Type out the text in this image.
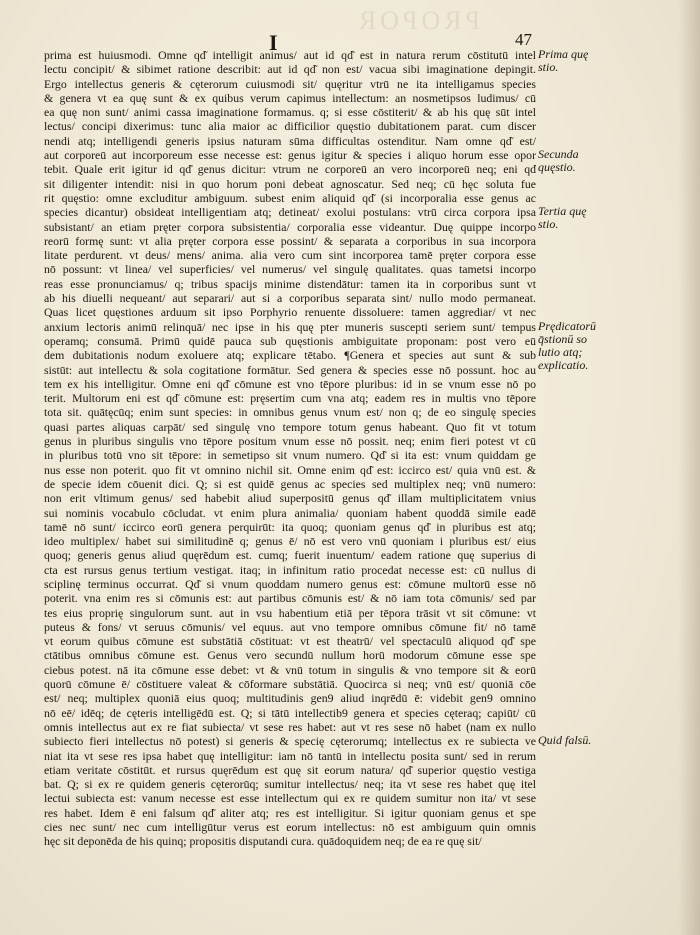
PROPOR
I	47
prima est huiusmodi. Omne qd͂ intelligit animus/ aut id qd͂ est in natura rerum cōstitutū intel
lectu concipit/ & sibimet ratione describit: aut id qd͂ non est/ vacua sibi imaginatione depingit.
Ergo intellectus generis & cęterorum cuiusmodi sit/ quęritur vtrū ne ita intelligamus species
& genera vt ea quę sunt & ex quibus verum capimus intellectum: an nosmetipsos ludimus/ cū
ea quę non sunt/ animi cassa imaginatione formamus. q; si esse cōstiterit/ & ab his quę sūt intel
lectus/ concipi dixerimus: tunc alia maior ac difficilior quęstio dubitationem parat. cum discer
nendi atq; intelligendi generis ipsius naturam sūma difficultas ostenditur. Nam omne qd͂ est/
aut corporeū aut incorporeum esse necesse est: genus igitur & species i aliquo horum esse opor
tebit. Quale erit igitur id qd͂ genus dicitur: vtrum ne corporeū an vero incorporeū neq; eni qd͂
sit diligenter intendit: nisi in quo horum poni debeat agnoscatur. Sed neq; cū hęc soluta fue
rit quęstio: omne excluditur ambiguum. subest enim aliquid qd͂ (si incorporalia esse genus ac
species dicantur) obsideat intelligentiam atq; detineat/ exolui postulans: vtrū circa corpora ipsa
subsistant/ an etiam pręter corpora subsistentia/ corporalia esse videantur. Duę quippe incorpo
reorū formę sunt: vt alia pręter corpora esse possint/ & separata a corporibus in sua incorpora
litate perdurent. vt deus/ mens/ anima. alia vero cum sint incorporea tamē pręter corpora esse
nō possunt: vt linea/ vel superficies/ vel numerus/ vel singulę qualitates. quas tametsi incorpo
reas esse pronunciamus/ q; tribus spacijs minime distendātur: tamen ita in corporibus sunt vt
ab his diuelli nequeant/ aut separari/ aut si a corporibus separata sint/ nullo modo permaneat.
Quas licet quęstiones arduum sit ipso Porphyrio renuente dissoluere: tamen aggrediar/ vt nec
anxium lectoris animū relinquā/ nec ipse in his quę pter muneris suscepti seriem sunt/ tempus
operamq; consumā. Primū quidē pauca sub quęstionis ambiguitate proponam: post vero eū
dem dubitationis nodum exoluere atq; explicare tētabo. ¶Genera et species aut sunt & sub
sistūt: aut intellectu & sola cogitatione formātur. Sed genera & species esse nō possunt. hoc au
tem ex his intelligitur. Omne eni qd͂ cōmune est vno tēpore pluribus: id in se vnum esse nō po
terit. Multorum eni est qd͂ cōmune est: pręsertim cum vna atq; eadem res in multis vno tēpore
tota sit. quātęcūq; enim sunt species: in omnibus genus vnum est/ non q; de eo singulę species
quasi partes aliquas carpāt/ sed singulę vno tempore totum genus habeant. Quo fit vt totum
genus in pluribus singulis vno tēpore positum vnum esse nō possit. neq; enim fieri potest vt cū
in pluribus totū vno sit tēpore: in semetipso sit vnum numero. Qd͂ si ita est: vnum quiddam ge
nus esse non poterit. quo fit vt omnino nichil sit. Omne enim qd͂ est: iccirco est/ quia vnū est. &
de specie idem cōuenit dici. Q; si est quidē genus ac species sed multiplex neq; vnū numero:
non erit vltimum genus/ sed habebit aliud superpositū genus qd͂ illam multiplicitatem vnius
sui nominis vocabulo cōcludat. vt enim plura animalia/ quoniam habent quoddā simile eadē
tamē nō sunt/ iccirco eorū genera perquirūt: ita quoq; quoniam genus qd͂ in pluribus est atq;
ideo multiplex/ habet sui similitudinē q; genus ē/ nō est vero vnū quoniam i pluribus est/ eius
quoq; generis genus aliud quęrēdum est. cumq; fuerit inuentum/ eadem ratione quę superius di
cta est rursus genus tertium vestigat. itaq; in infinitum ratio procedat necesse est: cū nullus di
sciplinę terminus occurrat. Qd͂ si vnum quoddam numero genus est: cōmune multorū esse nō
poterit. vna enim res si cōmunis est: aut partibus cōmunis est/ & nō iam tota cōmunis/ sed par
tes eius proprię singulorum sunt. aut in vsu habentium etiā per tēpora trāsit vt sit cōmune: vt
puteus & fons/ vt seruus cōmunis/ vel equus. aut vno tempore omnibus cōmune fit/ nō tamē
vt eorum quibus cōmune est substātiā cōstituat: vt est theatrū/ vel spectaculū aliquod qd͂ spe
ctātibus omnibus cōmune est. Genus vero secundū nullum horū modorum cōmune esse spe
ciebus potest. nā ita cōmune esse debet: vt & vnū totum in singulis & vno tempore sit & eorū
quorū cōmune ē/ cōstituere valeat & cōformare substātiā. Quocirca si neq; vnū est/ quoniā cōe
est/ neq; multiplex quoniā eius quoq; multitudinis gen9 aliud inqrēdū ē: videbit gen9 omnino
nō eē/ idēq; de cęteris intelligēdū est. Q; si tātū intellectib9 genera et species cęteraq; capiūt/ cū
omnis intellectus aut ex re fiat subiecta/ vt sese res habet: aut vt res sese nō habet (nam ex nullo
subiecto fieri intellectus nō potest) si generis & specię cęterorumq; intellectus ex re subiecta ve
niat ita vt sese res ipsa habet quę intelligitur: iam nō tantū in intellectu posita sunt/ sed in rerum
etiam veritate cōstitūt. et rursus quęrēdum est quę sit eorum natura/ qd͂ superior quęstio vestiga
bat. Q; si ex re quidem generis cęterorūq; sumitur intellectus/ neq; ita vt sese res habet quę itel
lectui subiecta est: vanum necesse est esse intellectum qui ex re quidem sumitur non ita/ vt sese
res habet. Idem ē eni falsum qd͂ aliter atq; res est intelligitur. Si igitur quoniam genus et spe
cies nec sunt/ nec cum intelligūtur verus est eorum intellectus: nō est ambiguum quin omnis
hęc sit deponēda de his quinq; propositis disputandi cura. quādoquidem neq; de ea re quę sit/
Prima quę
stio.
Secunda
quęstio.
Tertia quę
stio.
Prędicatorū
q̄stionū so
lutio atq;
explicatio.
Quid falsū.
